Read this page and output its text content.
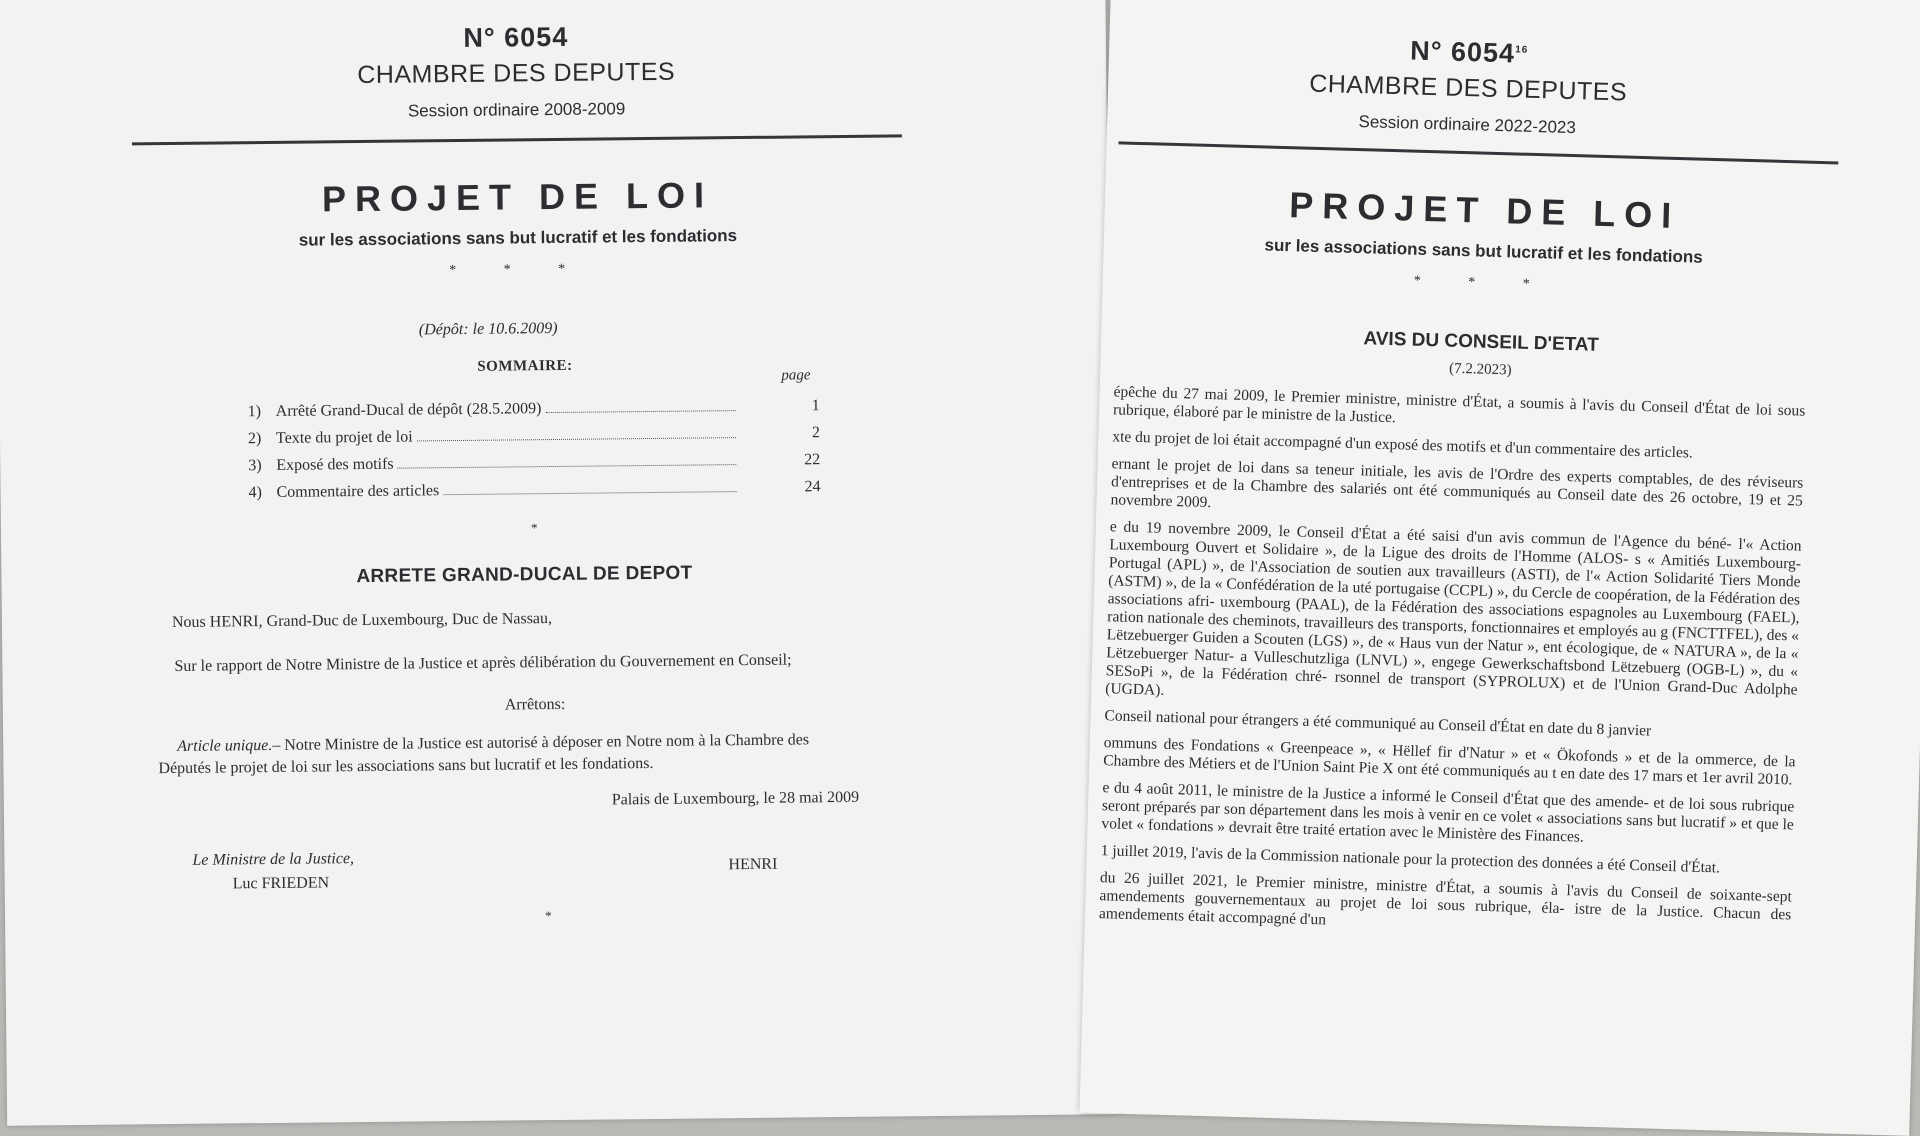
N° 6054
CHAMBRE DES DEPUTES
Session ordinaire 2008-2009
PROJET DE LOI
sur les associations sans but lucratif et les fondations
* * *
(Dépôt: le 10.6.2009)
SOMMAIRE:
page
1) Arrêté Grand-Ducal de dépôt (28.5.2009)	1
2) Texte du projet de loi	2
3) Exposé des motifs	22
4) Commentaire des articles	24
*
ARRETE GRAND-DUCAL DE DEPOT
Nous HENRI, Grand-Duc de Luxembourg, Duc de Nassau,
Sur le rapport de Notre Ministre de la Justice et après délibération du Gouvernement en Conseil;
Arrêtons:
Article unique.– Notre Ministre de la Justice est autorisé à déposer en Notre nom à la Chambre des
Députés le projet de loi sur les associations sans but lucratif et les fondations.
Palais de Luxembourg, le 28 mai 2009
Le Ministre de la Justice,
Luc FRIEDEN
HENRI
*
N° 6054$^{16}$
CHAMBRE DES DEPUTES
Session ordinaire 2022-2023
PROJET DE LOI
sur les associations sans but lucratif et les fondations
* * *
AVIS DU CONSEIL D'ETAT
(7.2.2023)

épêche du 27 mai 2009, le Premier ministre, ministre d'État, a soumis à l'avis du Conseil d'État de loi sous rubrique, élaboré par le ministre de la Justice.

xte du projet de loi était accompagné d'un exposé des motifs et d'un commentaire des articles.

ernant le projet de loi dans sa teneur initiale, les avis de l'Ordre des experts comptables, de des réviseurs d'entreprises et de la Chambre des salariés ont été communiqués au Conseil date des 26 octobre, 19 et 25 novembre 2009.

e du 19 novembre 2009, le Conseil d'État a été saisi d'un avis commun de l'Agence du béné- l'« Action Luxembourg Ouvert et Solidaire », de la Ligue des droits de l'Homme (ALOS- s « Amitiés Luxembourg-Portugal (APL) », de l'Association de soutien aux travailleurs (ASTI), de l'« Action Solidarité Tiers Monde (ASTM) », de la « Confédération de la uté portugaise (CCPL) », du Cercle de coopération, de la Fédération des associations afri- uxembourg (PAAL), de la Fédération des associations espagnoles au Luxembourg (FAEL), ration nationale des cheminots, travailleurs des transports, fonctionnaires et employés au g (FNCTTFEL), des « Lëtzebuerger Guiden a Scouten (LGS) », de « Haus vun der Natur », ent écologique, de « NATURA », de la « Lëtzebuerger Natur- a Vulleschutzliga (LNVL) », engege Gewerkschaftsbond Lëtzebuerg (OGB-L) », du « SESoPi », de la Fédération chré- rsonnel de transport (SYPROLUX) et de l'Union Grand-Duc Adolphe (UGDA).

Conseil national pour étrangers a été communiqué au Conseil d'État en date du 8 janvier

ommuns des Fondations « Greenpeace », « Hëllef fir d'Natur » et « Ökofonds » et de la ommerce, de la Chambre des Métiers et de l'Union Saint Pie X ont été communiqués au t en date des 17 mars et 1er avril 2010.

e du 4 août 2011, le ministre de la Justice a informé le Conseil d'État que des amende- et de loi sous rubrique seront préparés par son département dans les mois à venir en ce volet « associations sans but lucratif » et que le volet « fondations » devrait être traité ertation avec le Ministère des Finances.

1 juillet 2019, l'avis de la Commission nationale pour la protection des données a été Conseil d'État.

du 26 juillet 2021, le Premier ministre, ministre d'État, a soumis à l'avis du Conseil de soixante-sept amendements gouvernementaux au projet de loi sous rubrique, éla- istre de la Justice. Chacun des amendements était accompagné d'un
